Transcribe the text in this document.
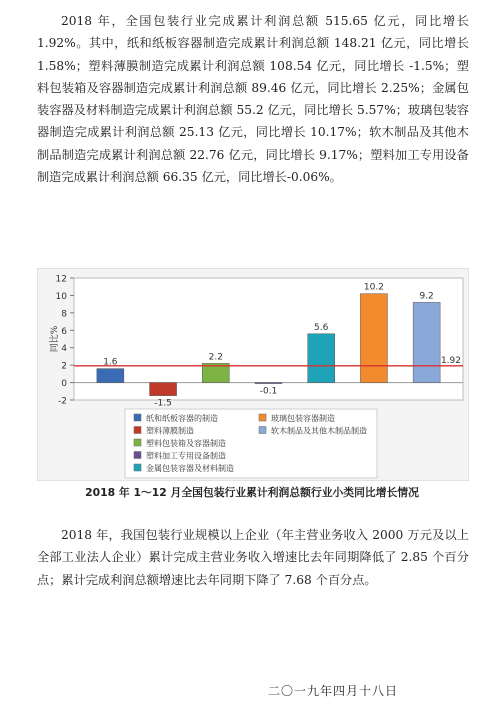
2018 年，全国包装行业完成累计利润总额 515.65 亿元，同比增长 1.92%。其中，纸和纸板容器制造完成累计利润总额 148.21 亿元，同比增长 1.58%；塑料薄膜制造完成累计利润总额 108.54 亿元，同比增长 -1.5%；塑料包装箱及容器制造完成累计利润总额 89.46 亿元，同比增长 2.25%；金属包装容器及材料制造完成累计利润总额 55.2 亿元，同比增长 5.57%；玻璃包装容器制造完成累计利润总额 25.13 亿元，同比增长 10.17%；软木制品及其他木制品制造完成累计利润总额 22.76 亿元，同比增长 9.17%；塑料加工专用设备制造完成累计利润总额 66.35 亿元，同比增长-0.06%。
-2
0
2
4
6
8
10
12
同比%
1.6
-1.5
2.2
-0.1
5.6
10.2
9.2
1.92
纸和纸板容器的制造
塑料薄膜制造
塑料包装箱及容器制造
塑料加工专用设备制造
金属包装容器及材料制造
玻璃包装容器制造
软木制品及其他木制品制造
2018 年 1～12 月全国包装行业累计利润总额行业小类同比增长情况
2018 年，我国包装行业规模以上企业（年主营业务收入 2000 万元及以上全部工业法人企业）累计完成主营业务收入增速比去年同期降低了 2.85 个百分点；累计完成利润总额增速比去年同期下降了 7.68 个百分点。
二〇一九年四月十八日
